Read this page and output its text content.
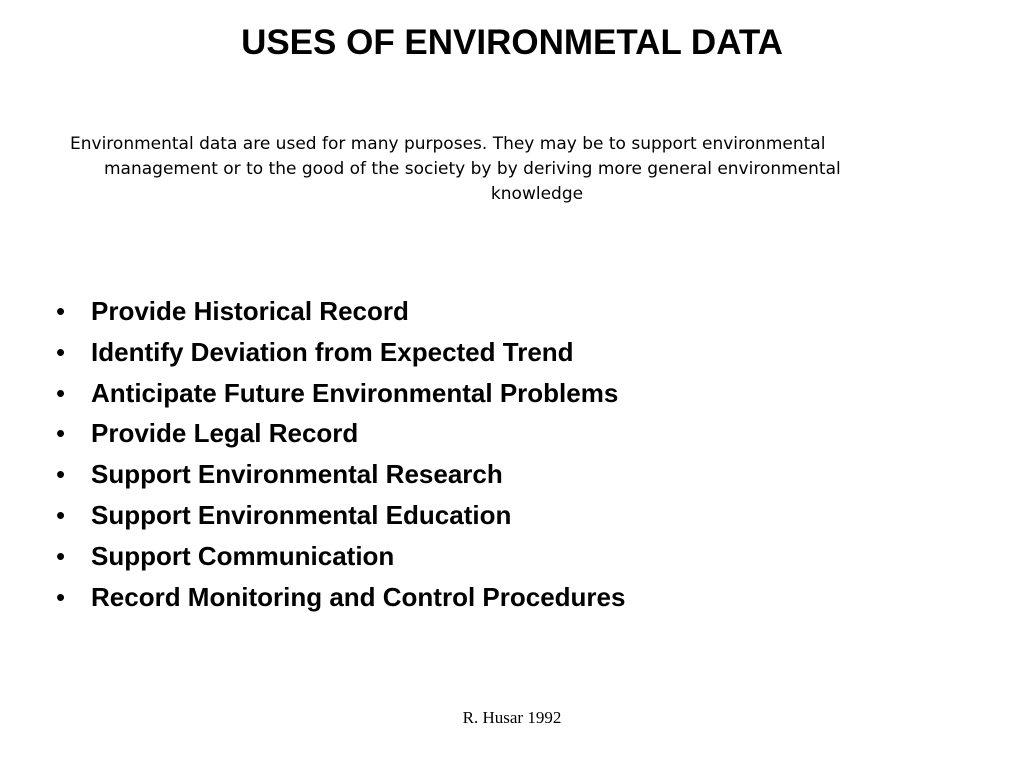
USES OF ENVIRONMETAL DATA

Environmental data are used for many purposes. They may be to support environmental
management or to the good of the society by by deriving more general environmental
knowledge

• Provide Historical Record
• Identify Deviation from Expected Trend
• Anticipate Future Environmental Problems
• Provide Legal Record
• Support Environmental Research
• Support Environmental Education
• Support Communication
• Record Monitoring and Control Procedures

R. Husar 1992
